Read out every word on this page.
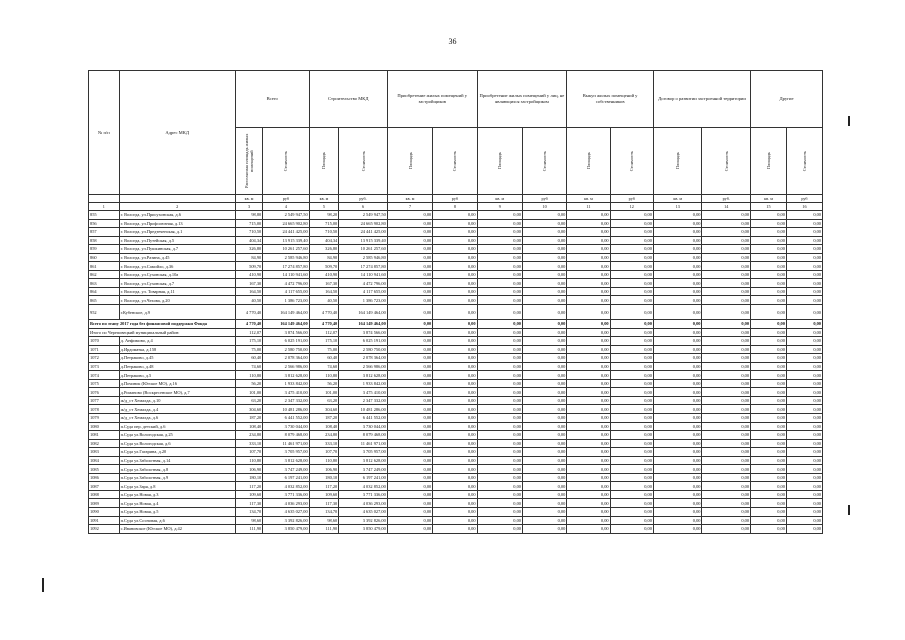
36
№ п/п	Адрес МКД	Всего		Строительство МКД		Приобретение жилых помещений у застройщиков		Приобретение жилых помещений у лиц, не являющихся застройщиком		Выкуп жилых помещений у собственников		Договор о развитии застроенной территории		Другие	

		Расселяемая площадь жилых помещений	Стоимость	Площадь	Стоимость	Площадь	Стоимость	Площадь	Стоимость	Площадь	Стоимость	Площадь	Стоимость	Площадь	Стоимость

		кв. м	руб	кв. м	руб.	кв. м	руб	кв. м	руб	кв. м	руб	кв. м	руб.	кв. м	руб
1	2	3	4	5	6	7	8	9	10	11	12	13	14	15	16
855	г. Вологда, ул.Присухонская, д.6	98,80	2 549 947,50	98,20	2 549 947,50	0,00	0,00	0,00	0,00	0,00	0,00	0,00	0,00	0,00	0,00
856	г. Вологда, ул.Профсоюзная, д.13	715,00	24 665 902,80	715,00	24 665 902,80	0,00	0,00	0,00	0,00	0,00	0,00	0,00	0,00	0,00	0,00
857	г. Вологда, ул.Предтеченская, д.1	710,50	24 441 425,00	710,50	24 441 425,00	0,00	0,00	0,00	0,00	0,00	0,00	0,00	0,00	0,00	0,00
858	г. Вологда, ул.Путейская, д.5	404,34	13 915 339,40	404,34	13 915 339,40	0,00	0,00	0,00	0,00	0,00	0,00	0,00	0,00	0,00	0,00
859	г. Вологда, ул.Пушкинская, д.7	326,80	10 261 257,60	326,80	10 261 257,60	0,00	0,00	0,00	0,00	0,00	0,00	0,00	0,00	0,00	0,00
860	г. Вологда, ул.Разина, д.45	84,90	2 585 946,80	84,90	2 585 946,80	0,00	0,00	0,00	0,00	0,00	0,00	0,00	0,00	0,00	0,00
861	г. Вологда, ул.Самойло, д.36	509,70	17 274 857,80	509,70	17 274 857,80	0,00	0,00	0,00	0,00	0,00	0,00	0,00	0,00	0,00	0,00
862	г. Вологда, ул.Сухонская, д.10а	410,90	14 110 941,60	410,90	14 110 941,60	0,00	0,00	0,00	0,00	0,00	0,00	0,00	0,00	0,00	0,00
863	г. Вологда, ул.Сухонская, д.7	167,30	4 472 796,00	167,30	4 472 796,00	0,00	0,00	0,00	0,00	0,00	0,00	0,00	0,00	0,00	0,00
864	г. Вологда, ул. Товарная, д.11	164,50	4 117 655,00	164,50	4 117 655,00	0,00	0,00	0,00	0,00	0,00	0,00	0,00	0,00	0,00	0,00
865	г. Вологда, ул.Чехова, д.20	40,50	1 386 723,00	40,50	1 386 723,00	0,00	0,00	0,00	0,00	0,00	0,00	0,00	0,00	0,00	0,00
952	г.Кубенское, д.9	4 770,40	164 149 464,00	4 770,40	164 149 464,00	0,00	0,00	0,00	0,00	0,00	0,00	0,00	0,00	0,00	0,00
Всего по этапу 2017 года без финансовой поддержки Фонда		4 770,40	164 149 464,00	4 770,40	164 149 464,00	0,00	0,00	0,00	0,00	0,00	0,00	0,00	0,00	0,00	0,00
Итого по Череповецкий муниципальный район:		112,07	3 874 566,00	112,07	3 874 566,00	0,00	0,00	0,00	0,00	0,00	0,00	0,00	0,00	0,00	0,00
1070	д. Анфимово, д.4	175,10	6 025 191,00	175,10	6 025 191,00	0,00	0,00	0,00	0,00	0,00	0,00	0,00	0,00	0,00	0,00
1071	д.Ирдоматка, д.158	75,00	2 580 750,00	75,00	2 580 750,00	0,00	0,00	0,00	0,00	0,00	0,00	0,00	0,00	0,00	0,00
1072	д.Петраково, д.45	60,40	2 078 364,00	60,40	2 078 364,00	0,00	0,00	0,00	0,00	0,00	0,00	0,00	0,00	0,00	0,00
1073	д.Петраково, д.48	74,60	2 566 986,00	74,60	2 566 986,00	0,00	0,00	0,00	0,00	0,00	0,00	0,00	0,00	0,00	0,00
1074	д.Петраково, д.5	110,80	3 812 628,00	110,80	3 812 628,00	0,00	0,00	0,00	0,00	0,00	0,00	0,00	0,00	0,00	0,00
1075	д.Починок (Югское МО), д.16	56,20	1 933 842,00	56,20	1 933 842,00	0,00	0,00	0,00	0,00	0,00	0,00	0,00	0,00	0,00	0,00
1076	д.Романово (Воскресенское МО), д.7	101,00	3 475 410,00	101,00	3 475 410,00	0,00	0,00	0,00	0,00	0,00	0,00	0,00	0,00	0,00	0,00
1077	ж/д_ст Хемалда, д.10	63,20	2 347 332,00	63,20	2 347 332,00	0,00	0,00	0,00	0,00	0,00	0,00	0,00	0,00	0,00	0,00
1078	ж/д_ст Хемалда, д.4	304,60	10 481 286,00	304,60	10 481 286,00	0,00	0,00	0,00	0,00	0,00	0,00	0,00	0,00	0,00	0,00
1079	ж/д_ст Хемалда, д.6	187,20	6 441 552,00	187,20	6 441 552,00	0,00	0,00	0,00	0,00	0,00	0,00	0,00	0,00	0,00	0,00
1080	п.Суда пер. детский, д.6	108,40	3 730 044,00	108,40	3 730 044,00	0,00	0,00	0,00	0,00	0,00	0,00	0,00	0,00	0,00	0,00
1081	п.Суда ул.Вологодская, д.25	234,80	8 079 468,00	234,80	8 079 468,00	0,00	0,00	0,00	0,00	0,00	0,00	0,00	0,00	0,00	0,00
1082	п.Суда ул.Вологодская, д.6	333,10	11 461 971,00	333,10	11 461 971,00	0,00	0,00	0,00	0,00	0,00	0,00	0,00	0,00	0,00	0,00
1083	п.Суда ул.Гагарина, д.20	107,70	3 705 957,00	107,70	3 705 957,00	0,00	0,00	0,00	0,00	0,00	0,00	0,00	0,00	0,00	0,00
1084	п.Суда ул.Заболотная, д.14	110,80	3 812 628,00	110,80	3 812 628,00	0,00	0,00	0,00	0,00	0,00	0,00	0,00	0,00	0,00	0,00
1085	п.Суда ул.Заболотная, д.8	106,90	3 747 249,00	106,90	3 747 249,00	0,00	0,00	0,00	0,00	0,00	0,00	0,00	0,00	0,00	0,00
1086	п.Суда ул.Заболотная, д.9	180,10	6 197 241,00	180,10	6 197 241,00	0,00	0,00	0,00	0,00	0,00	0,00	0,00	0,00	0,00	0,00
1087	п.Суда ул.Заря, д.8	117,20	4 032 852,00	117,20	4 032 852,00	0,00	0,00	0,00	0,00	0,00	0,00	0,00	0,00	0,00	0,00
1088	п.Суда ул.Новая, д.3	109,60	3 771 336,00	109,60	3 771 336,00	0,00	0,00	0,00	0,00	0,00	0,00	0,00	0,00	0,00	0,00
1089	п.Суда ул.Новая, д.4	117,30	4 036 293,00	117,30	4 036 293,00	0,00	0,00	0,00	0,00	0,00	0,00	0,00	0,00	0,00	0,00
1090	п.Суда ул.Новая, д.5	134,70	4 635 027,00	134,70	4 635 027,00	0,00	0,00	0,00	0,00	0,00	0,00	0,00	0,00	0,00	0,00
1091	п.Суда ул.Сосновая, д.6	98,60	3 392 826,00	98,60	3 392 826,00	0,00	0,00	0,00	0,00	0,00	0,00	0,00	0,00	0,00	0,00
1092	с.Ивановское (Югское МО), д.42	111,90	3 850 479,00	111,90	3 850 479,00	0,00	0,00	0,00	0,00	0,00	0,00	0,00	0,00	0,00	0,00
